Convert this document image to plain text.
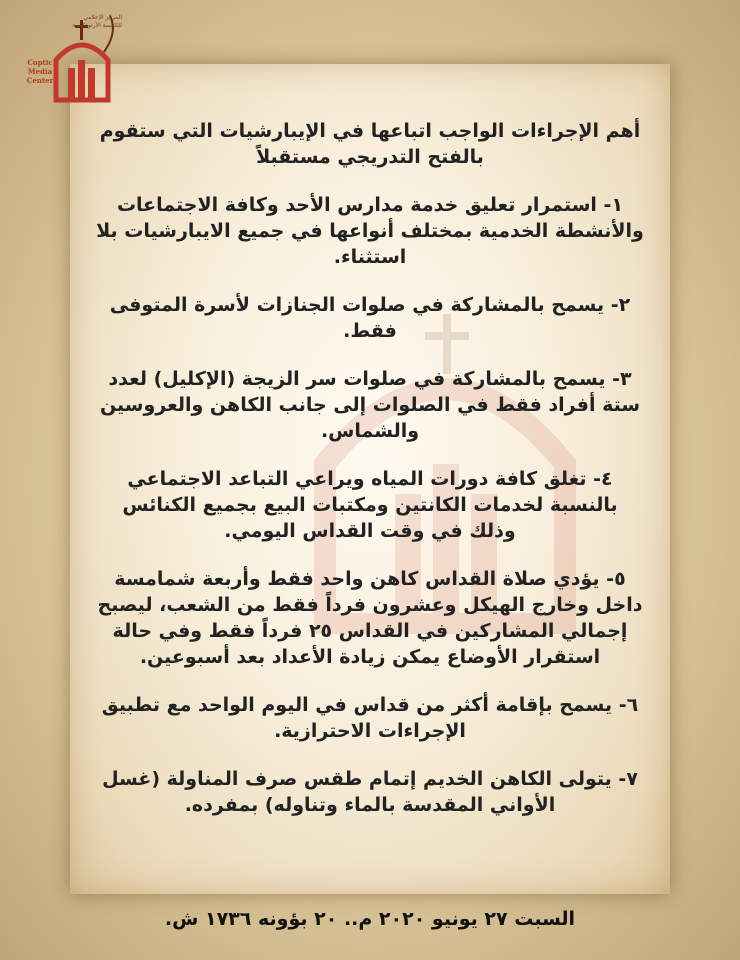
المركز الإعلامي للكنيسة الأرثوذكسية
Coptic
Media
Center

أهم الإجراءات الواجب اتباعها في الإيبارشيات التي ستقوم بالفتح التدريجي مستقبلاً

١- استمرار تعليق خدمة مدارس الأحد وكافة الاجتماعات والأنشطة الخدمية بمختلف أنواعها في جميع الايبارشيات بلا استثناء.

٢- يسمح بالمشاركة في صلوات الجنازات لأسرة المتوفى فقط.

٣- يسمح بالمشاركة في صلوات سر الزيجة (الإكليل) لعدد ستة أفراد فقط في الصلوات إلى جانب الكاهن والعروسين والشماس.

٤- تغلق كافة دورات المياه ويراعي التباعد الاجتماعي بالنسبة لخدمات الكانتين ومكتبات البيع بجميع الكنائس وذلك في وقت القداس اليومي.

٥- يؤدي صلاة القداس كاهن واحد فقط وأربعة شمامسة داخل وخارج الهيكل وعشرون فرداً فقط من الشعب، ليصبح إجمالي المشاركين في القداس ٢٥ فرداً فقط وفي حالة استقرار الأوضاع يمكن زيادة الأعداد بعد أسبوعين.

٦- يسمح بإقامة أكثر من قداس في اليوم الواحد مع تطبيق الإجراءات الاحترازية.

٧- يتولى الكاهن الخديم إتمام طقس صرف المناولة (غسل الأواني المقدسة بالماء وتناوله) بمفرده.

السبت ٢٧ يونيو ٢٠٢٠ م.. ٢٠ بؤونه ١٧٣٦ ش.
